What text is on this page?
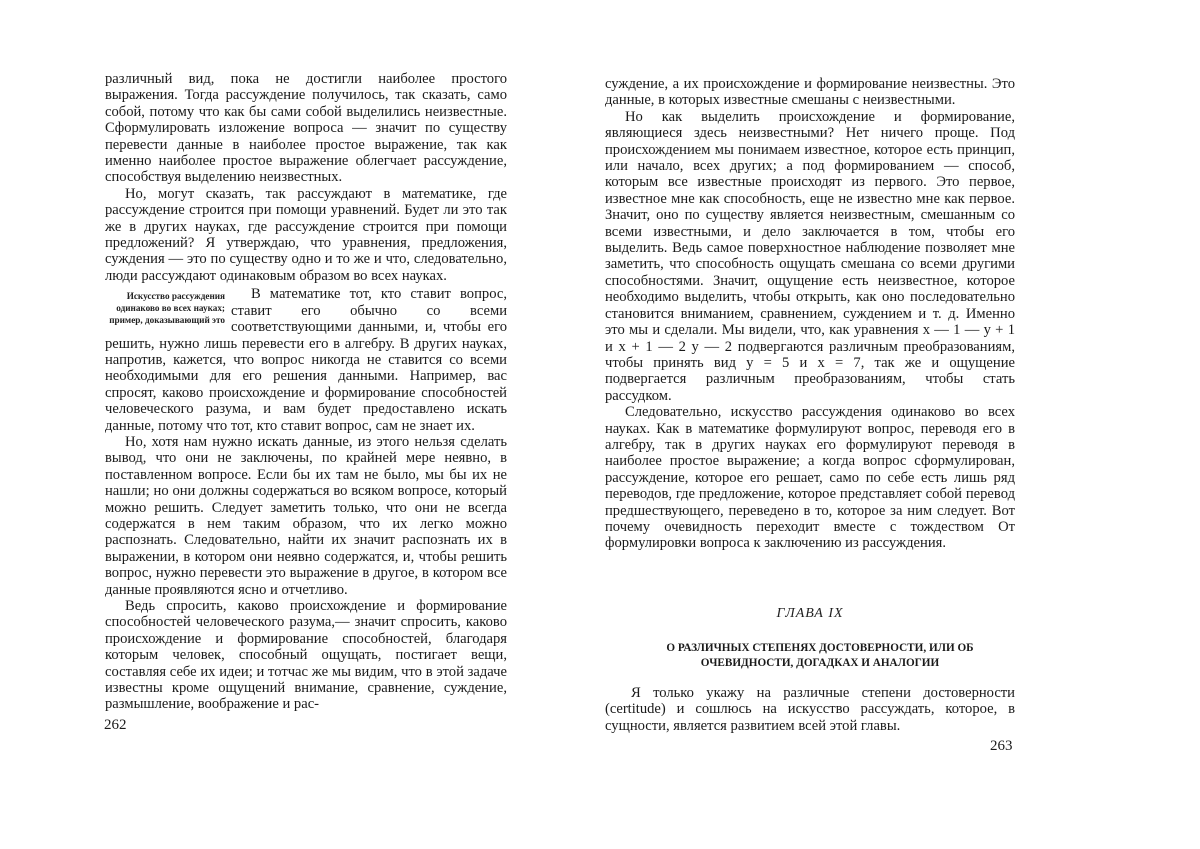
различный вид, пока не достигли наиболее простого выражения. Тогда рассуждение получилось, так сказать, само собой, потому что как бы сами собой выделились неизвестные. Сформулировать изложение вопроса — значит по существу перевести данные в наиболее простое выражение, так как именно наиболее простое выражение облегчает рассуждение, способствуя выделению неизвестных.

Но, могут сказать, так рассуждают в математике, где рассуждение строится при помощи уравнений. Будет ли это так же в других науках, где рассуждение строится при помощи предложений? Я утверждаю, что уравнения, предложения, суждения — это по существу одно и то же и что, следовательно, люди рассуждают одинаковым образом во всех науках.

Искусство рассуждения одинаково во всех науках; пример, доказывающий это
В математике тот, кто ставит вопрос, ставит его обычно со всеми соответствующими данными, и, чтобы его решить, нужно лишь перевести его в алгебру. В других науках, напротив, кажется, что вопрос никогда не ставится со всеми необходимыми для его решения данными. Например, вас спросят, каково происхождение и формирование способностей человеческого разума, и вам будет предоставлено искать данные, потому что тот, кто ставит вопрос, сам не знает их.

Но, хотя нам нужно искать данные, из этого нельзя сделать вывод, что они не заключены, по крайней мере неявно, в поставленном вопросе. Если бы их там не было, мы бы их не нашли; но они должны содержаться во всяком вопросе, который можно решить. Следует заметить только, что они не всегда содержатся в нем таким образом, что их легко можно распознать. Следовательно, найти их значит распознать их в выражении, в котором они неявно содержатся, и, чтобы решить вопрос, нужно перевести это выражение в другое, в котором все данные проявляются ясно и отчетливо.

Ведь спросить, каково происхождение и формирование способностей человеческого разума,— значит спросить, каково происхождение и формирование способностей, благодаря которым человек, способный ощущать, постигает вещи, составляя себе их идеи; и тотчас же мы видим, что в этой задаче известны кроме ощущений внимание, сравнение, суждение, размышление, воображение и рас-

262

суждение, а их происхождение и формирование неизвестны. Это данные, в которых известные смешаны с неизвестными.

Но как выделить происхождение и формирование, являющиеся здесь неизвестными? Нет ничего проще. Под происхождением мы понимаем известное, которое есть принцип, или начало, всех других; а под формированием — способ, которым все известные происходят из первого. Это первое, известное мне как способность, еще не известно мне как первое. Значит, оно по существу является неизвестным, смешанным со всеми известными, и дело заключается в том, чтобы его выделить. Ведь самое поверхностное наблюдение позволяет мне заметить, что способность ощущать смешана со всеми другими способностями. Значит, ощущение есть неизвестное, которое необходимо выделить, чтобы открыть, как оно последовательно становится вниманием, сравнением, суждением и т. д. Именно это мы и сделали. Мы видели, что, как уравнения x — 1 — y + 1 и x + 1 — 2 y — 2 подвергаются различным преобразованиям, чтобы принять вид y = 5 и x = 7, так же и ощущение подвергается различным преобразованиям, чтобы стать рассудком.

Следовательно, искусство рассуждения одинаково во всех науках. Как в математике формулируют вопрос, переводя его в алгебру, так в других науках его формулируют переводя в наиболее простое выражение; а когда вопрос сформулирован, рассуждение, которое его решает, само по себе есть лишь ряд переводов, где предложение, которое представляет собой перевод предшествующего, переведено в то, которое за ним следует. Вот почему очевидность переходит вместе с тождеством От формулировки вопроса к заключению из рассуждения.

ГЛАВА IX
О РАЗЛИЧНЫХ СТЕПЕНЯХ ДОСТОВЕРНОСТИ, ИЛИ ОБ ОЧЕВИДНОСТИ, ДОГАДКАХ И АНАЛОГИИ

Я только укажу на различные степени достоверности (certitude) и сошлюсь на искусство рассуждать, которое, в сущности, является развитием всей этой главы.

263
